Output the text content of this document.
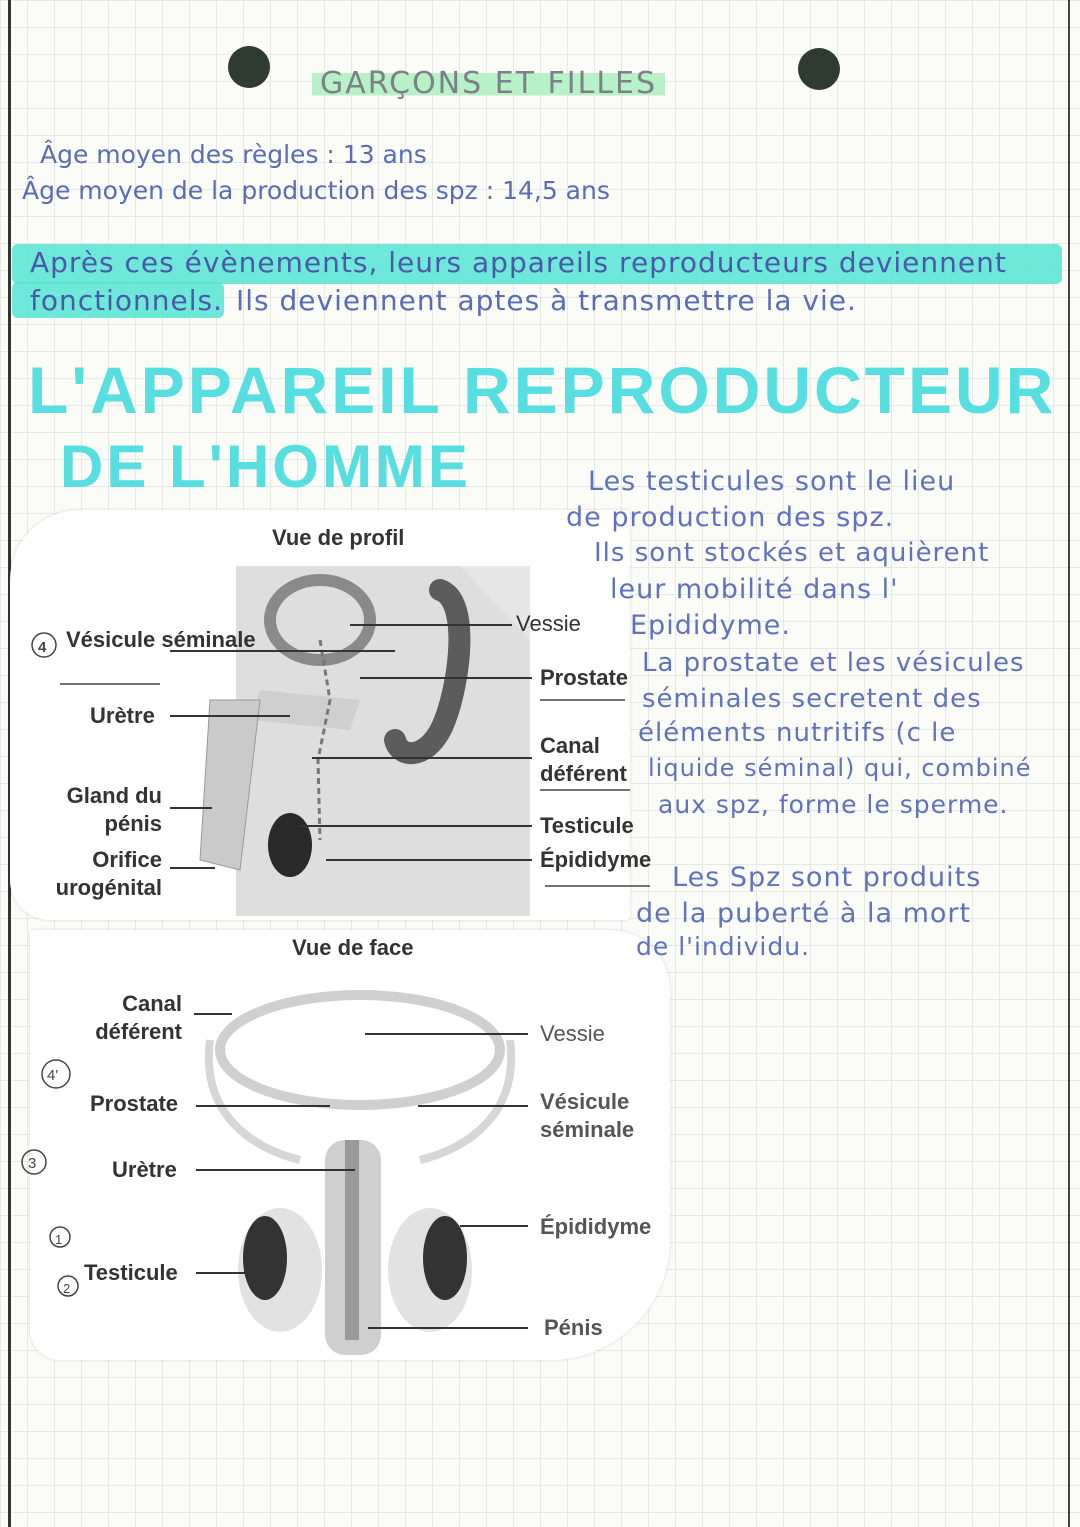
GARÇONS ET FILLES
Âge moyen des règles : 13 ans
Âge moyen de la production des spz : 14,5 ans
Après ces évènements, leurs appareils reproducteurs deviennent
fonctionnels. Ils deviennent aptes à transmettre la vie.
L'APPAREIL REPRODUCTEUR
DE L'HOMME
Vue de profil
4 Vésicule séminale
Urètre
Gland du pénis
Orifice urogénital
Vessie
Prostate
Canal déférent
Testicule
Épididyme
Vue de face
4'
3
1
2
Canal déférent
Prostate
Urètre
Testicule
Vessie
Vésicule séminale
Épididyme
Pénis
Les testicules sont le lieu
de production des spz.
Ils sont stockés et aquièrent
leur mobilité dans l'
Epididyme.
La prostate et les vésicules
séminales secretent des
éléments nutritifs (c le
liquide séminal) qui, combiné
aux spz, forme le sperme.
Les Spz sont produits
de la puberté à la mort
de l'individu.
